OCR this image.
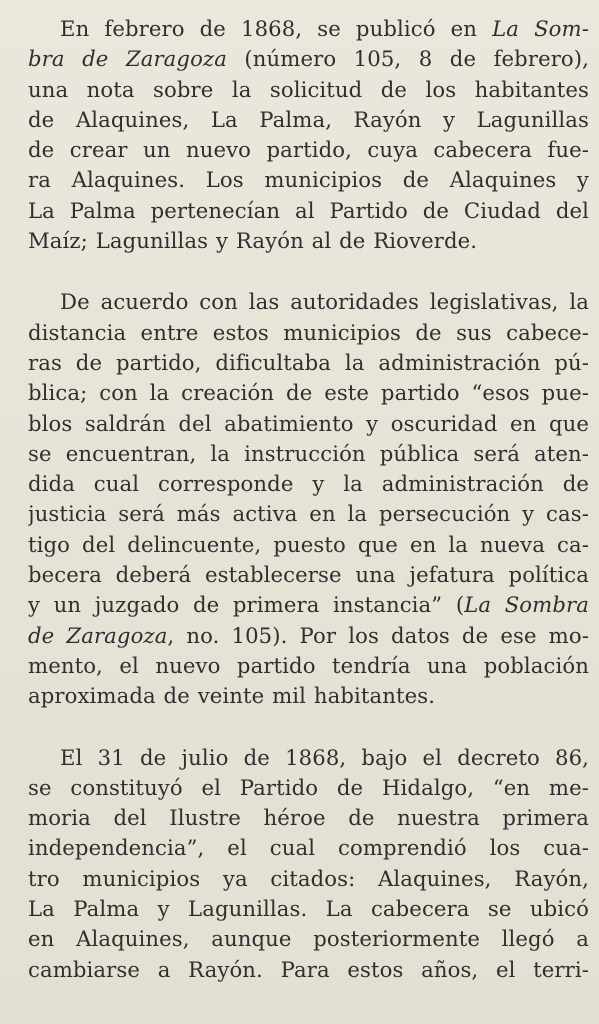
En febrero de 1868, se publicó en La Som-
bra de Zaragoza (número 105, 8 de febrero),
una nota sobre la solicitud de los habitantes
de Alaquines, La Palma, Rayón y Lagunillas
de crear un nuevo partido, cuya cabecera fue-
ra Alaquines. Los municipios de Alaquines y
La Palma pertenecían al Partido de Ciudad del
Maíz; Lagunillas y Rayón al de Rioverde.

De acuerdo con las autoridades legislativas, la
distancia entre estos municipios de sus cabece-
ras de partido, dificultaba la administración pú-
blica; con la creación de este partido “esos pue-
blos saldrán del abatimiento y oscuridad en que
se encuentran, la instrucción pública será aten-
dida cual corresponde y la administración de
justicia será más activa en la persecución y cas-
tigo del delincuente, puesto que en la nueva ca-
becera deberá establecerse una jefatura política
y un juzgado de primera instancia” (La Sombra
de Zaragoza, no. 105). Por los datos de ese mo-
mento, el nuevo partido tendría una población
aproximada de veinte mil habitantes.

El 31 de julio de 1868, bajo el decreto 86,
se constituyó el Partido de Hidalgo, “en me-
moria del Ilustre héroe de nuestra primera
independencia”, el cual comprendió los cua-
tro municipios ya citados: Alaquines, Rayón,
La Palma y Lagunillas. La cabecera se ubicó
en Alaquines, aunque posteriormente llegó a
cambiarse a Rayón. Para estos años, el terri-
